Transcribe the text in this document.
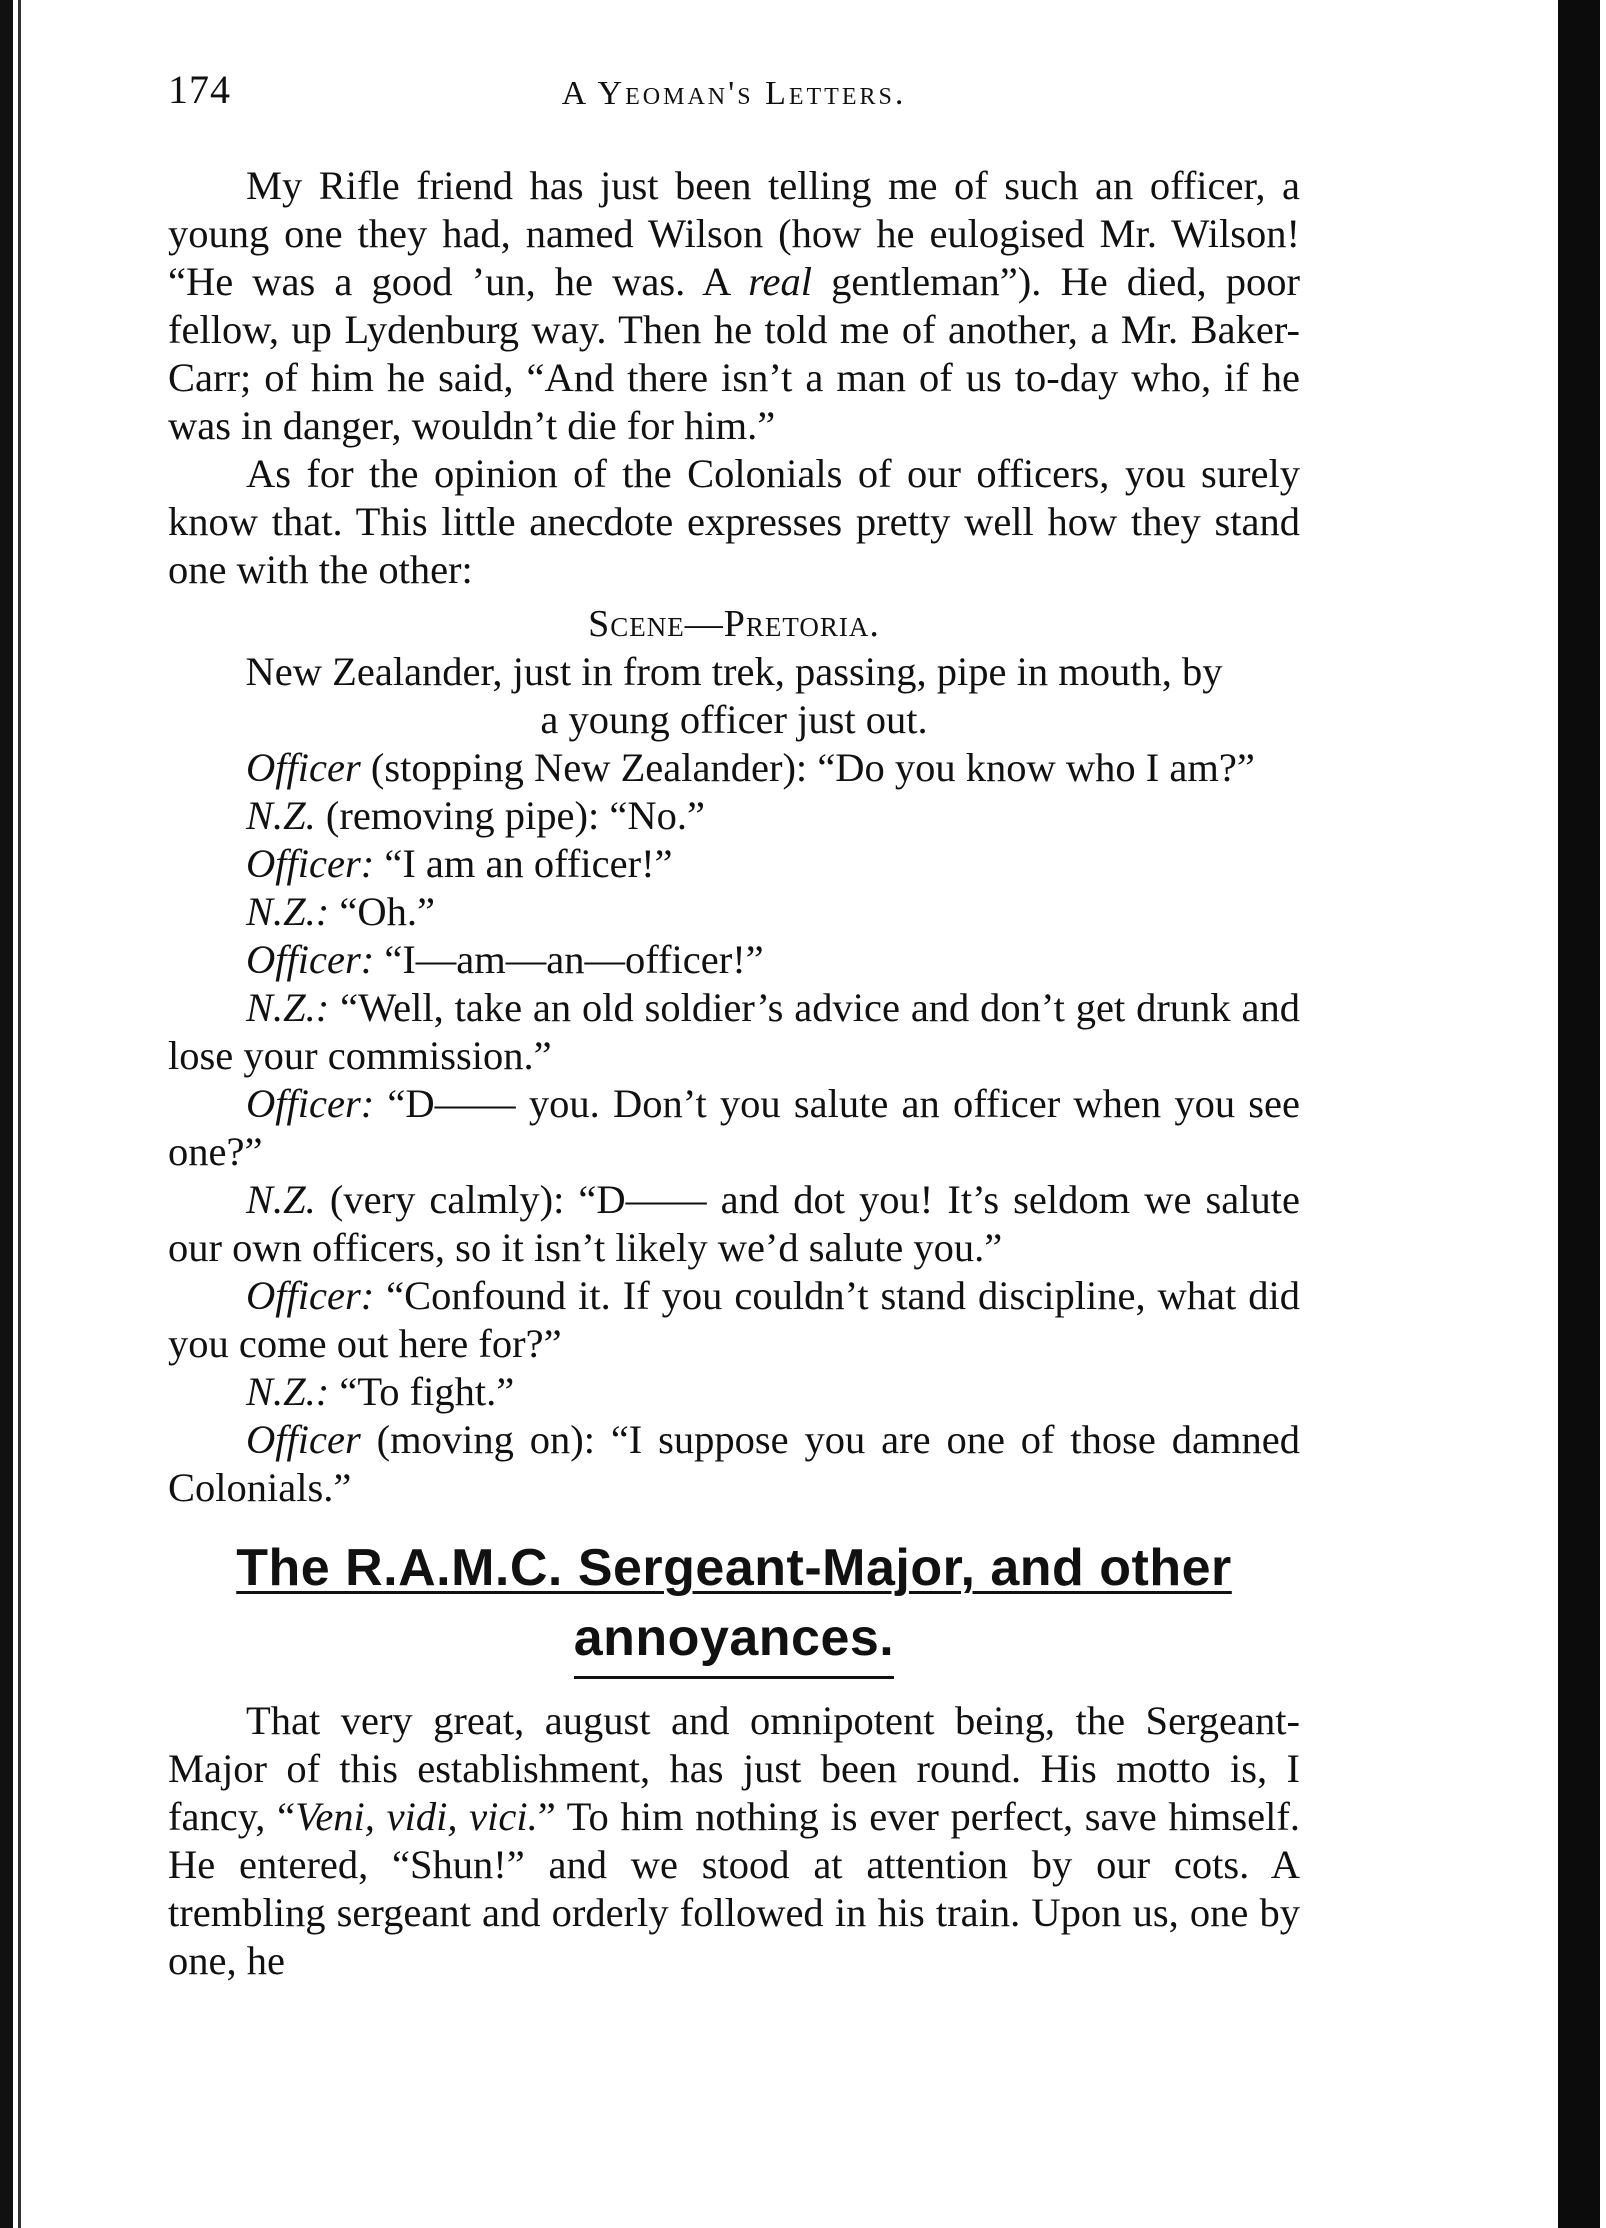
174	A Yeoman's Letters.

My Rifle friend has just been telling me of such an officer, a young one they had, named Wilson (how he eulogised Mr. Wilson! “He was a good ’un, he was. A real gentleman”). He died, poor fellow, up Lydenburg way. Then he told me of another, a Mr. Baker-Carr; of him he said, “And there isn’t a man of us to-day who, if he was in danger, wouldn’t die for him.”

As for the opinion of the Colonials of our officers, you surely know that. This little anecdote expresses pretty well how they stand one with the other:

Scene—Pretoria.

New Zealander, just in from trek, passing, pipe in mouth, by
a young officer just out.

Officer (stopping New Zealander): “Do you know who I am?”

N.Z. (removing pipe): “No.”

Officer: “I am an officer!”

N.Z.: “Oh.”

Officer: “I—am—an—officer!”

N.Z.: “Well, take an old soldier’s advice and don’t get drunk and lose your commission.”

Officer: “D—— you. Don’t you salute an officer when you see one?”

N.Z. (very calmly): “D—— and dot you! It’s seldom we salute our own officers, so it isn’t likely we’d salute you.”

Officer: “Confound it. If you couldn’t stand discipline, what did you come out here for?”

N.Z.: “To fight.”

Officer (moving on): “I suppose you are one of those damned Colonials.”

The R.A.M.C. Sergeant-Major, and other
annoyances.

That very great, august and omnipotent being, the Sergeant-Major of this establishment, has just been round. His motto is, I fancy, “Veni, vidi, vici.” To him nothing is ever perfect, save himself. He entered, “Shun!” and we stood at attention by our cots. A trembling sergeant and orderly followed in his train. Upon us, one by one, he
